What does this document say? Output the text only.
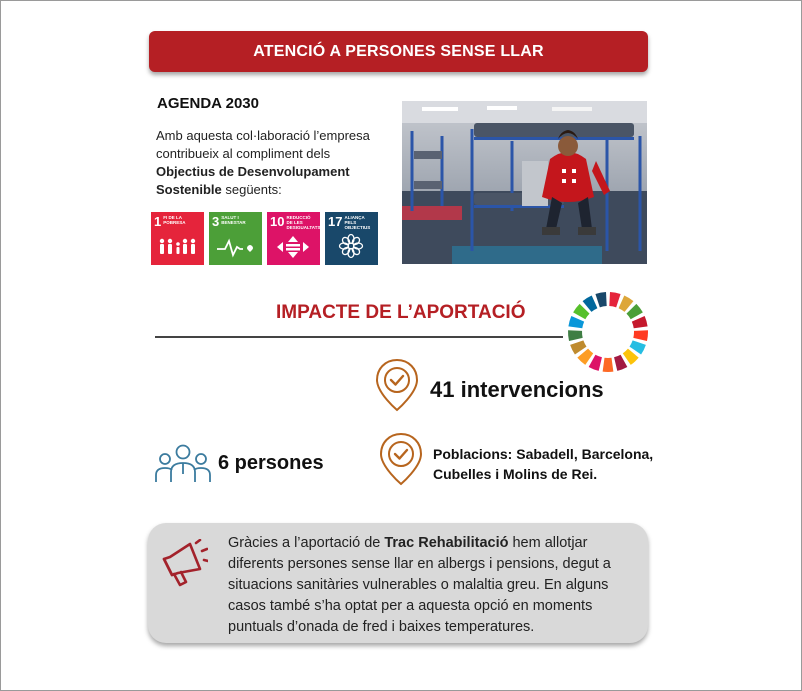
ATENCIÓ A PERSONES SENSE LLAR
AGENDA 2030
Amb aquesta col·laboració l’empresa contribueix al compliment dels Objectius de Desenvolupament Sostenible següents:
1 FI DE LA POBRESA	3 SALUT I BENESTAR	10 REDUCCIÓ DE LES DESIGUALTATS 17 ALIANÇA PELS OBJECTIUS
IMPACTE DE L’APORTACIÓ
41 intervencions
6 persones	Poblacions: Sabadell, Barcelona, Cubelles i Molins de Rei.
Gràcies a l’aportació de Trac Rehabilitació hem allotjar diferents persones sense llar en albergs i pensions, degut a situacions sanitàries vulnerables o malaltia greu. En alguns casos també s’ha optat per a aquesta opció en moments puntuals d’onada de fred i baixes temperatures.
